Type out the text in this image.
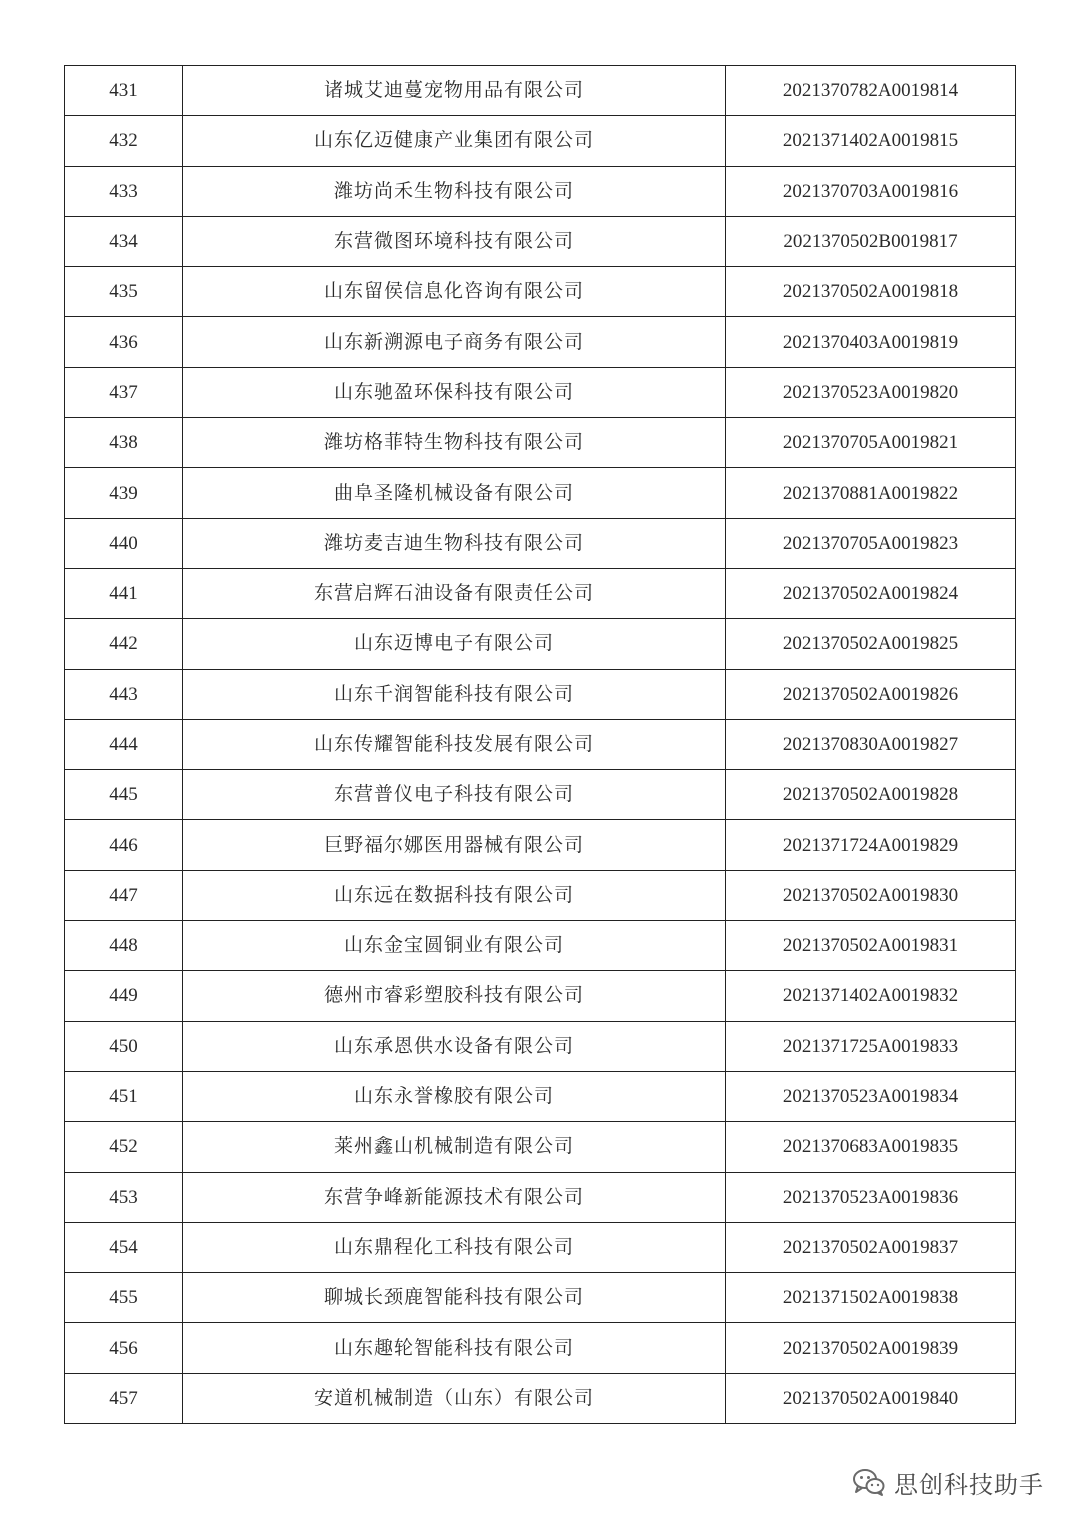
431	诸城艾迪蔓宠物用品有限公司	2021370782A0019814
432	山东亿迈健康产业集团有限公司	2021371402A0019815
433	潍坊尚禾生物科技有限公司	2021370703A0019816
434	东营微图环境科技有限公司	2021370502B0019817
435	山东留侯信息化咨询有限公司	2021370502A0019818
436	山东新溯源电子商务有限公司	2021370403A0019819
437	山东驰盈环保科技有限公司	2021370523A0019820
438	潍坊格菲特生物科技有限公司	2021370705A0019821
439	曲阜圣隆机械设备有限公司	2021370881A0019822
440	潍坊麦吉迪生物科技有限公司	2021370705A0019823
441	东营启辉石油设备有限责任公司	2021370502A0019824
442	山东迈博电子有限公司	2021370502A0019825
443	山东千润智能科技有限公司	2021370502A0019826
444	山东传耀智能科技发展有限公司	2021370830A0019827
445	东营普仪电子科技有限公司	2021370502A0019828
446	巨野福尔娜医用器械有限公司	2021371724A0019829
447	山东远在数据科技有限公司	2021370502A0019830
448	山东金宝圆铜业有限公司	2021370502A0019831
449	德州市睿彩塑胶科技有限公司	2021371402A0019832
450	山东承恩供水设备有限公司	2021371725A0019833
451	山东永誉橡胶有限公司	2021370523A0019834
452	莱州鑫山机械制造有限公司	2021370683A0019835
453	东营争峰新能源技术有限公司	2021370523A0019836
454	山东鼎程化工科技有限公司	2021370502A0019837
455	聊城长颈鹿智能科技有限公司	2021371502A0019838
456	山东趣轮智能科技有限公司	2021370502A0019839
457	安道机械制造（山东）有限公司	2021370502A0019840
思创科技助手
